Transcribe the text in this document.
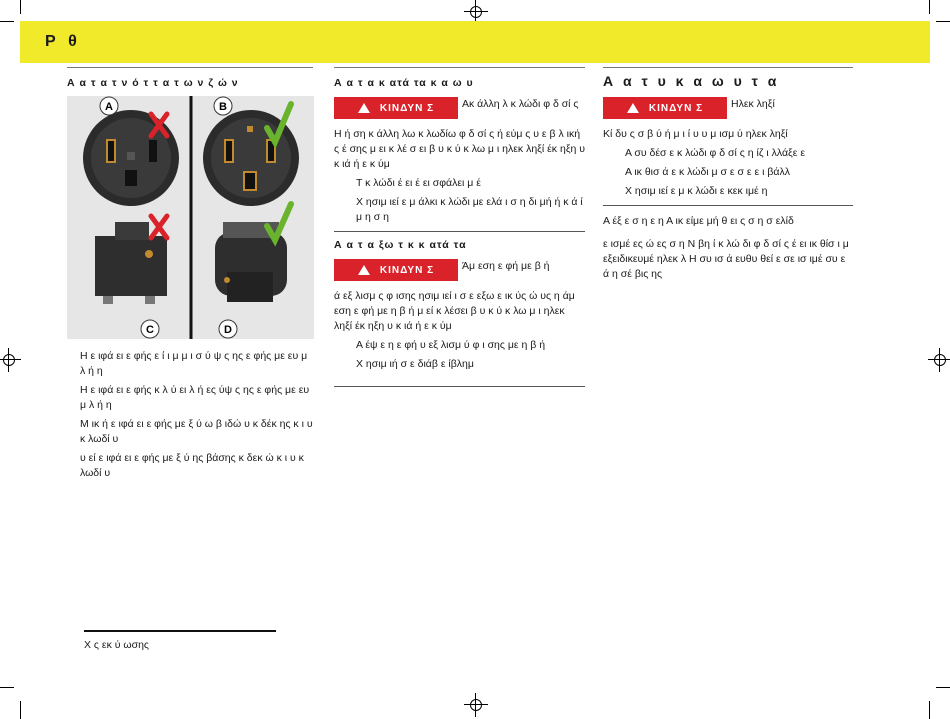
Ρ θ
Α α τ α τ ν ό τ τ α τ ω ν ζ ώ ν
A	B
C	D

Η ε ιφά ει ε φής ε ί ι μ μ ι σ ύ ψ ς ης ε φής με ευ μ λ ή η

Η ε ιφά ει ε φής κ λ ύ ει λ ή ες ύψ ς ης ε φής με ευ μ λ ή η

Μ ικ ή ε ιφά ει ε φής με ξ ύ ω β ιδώ υ κ δέκ ης κ ι υ κ λωδί υ

υ εί ε ιφά ει ε φής με ξ ύ ης βάσης κ δεκ ώ κ ι υ κ λωδί υ

Χ ς εκ ύ ωσης
Α α τ α κ ατά τα κ α ω υ
ΚΙΝΔΥΝ Σ	Ακ άλλη λ κ λώδι φ δ σί ς

Η ή ση κ άλλη λω κ λωδίω φ δ σί ς ή εύμ ς υ ε β λ ική ς έ σης μ ει κ λέ σ ει β υ κ ύ κ λω μ ι ηλεκ ληξί έκ ηξη υ κ ιά ή ε κ ύμ

Τ κ λώδι έ ει έ ει σφάλει μ έ

Χ ησιμ ιεί ε μ άλκι κ λώδι με ελά ι σ η δι μή ή κ ά ί μ η σ η

Α α τ α ξω τ κ κ ατά τα
ΚΙΝΔΥΝ Σ	Άμ εση ε φή με β ή

ά εξ λισμ ς φ ισης ησιμ ιεί ι σ ε εξω ε ικ ύς ώ υς η άμ εση ε φή με η β ή μ εί κ λέσει β υ κ ύ κ λω μ ι ηλεκ ληξί έκ ηξη υ κ ιά ή ε κ ύμ

Α έψ ε η ε φή υ εξ λισμ ύ φ ι σης με η β ή

Χ ησιμ ιή σ ε διάβ ε ίβλημ

Α α τ υ κ α ω υ τ α
ΚΙΝΔΥΝ Σ	Ηλεκ ληξί

Κί δυ ς σ β ύ ή μ ι ί υ υ μ ισμ ύ ηλεκ ληξί

Α συ δέσ ε κ λώδι φ δ σί ς η ίζ ι λλάξε ε

Α ικ θισ ά ε κ λώδι μ σ ε σ ε ε ι βάλλ

Χ ησιμ ιεί ε μ κ λώδι ε κεκ ιμέ η

Α έξ ε σ η ε η Α ικ είμε μή θ ει ς σ η σ ελίδ

ε ισμέ ες ώ ες σ η Ν βη ί κ λώ δι φ δ σί ς έ ει ικ θίσ ι μ εξειδικευμέ ηλεκ λ Η συ ισ ά ευθυ θεί ε σε ισ ιμέ συ ε ά η σέ βις ης
